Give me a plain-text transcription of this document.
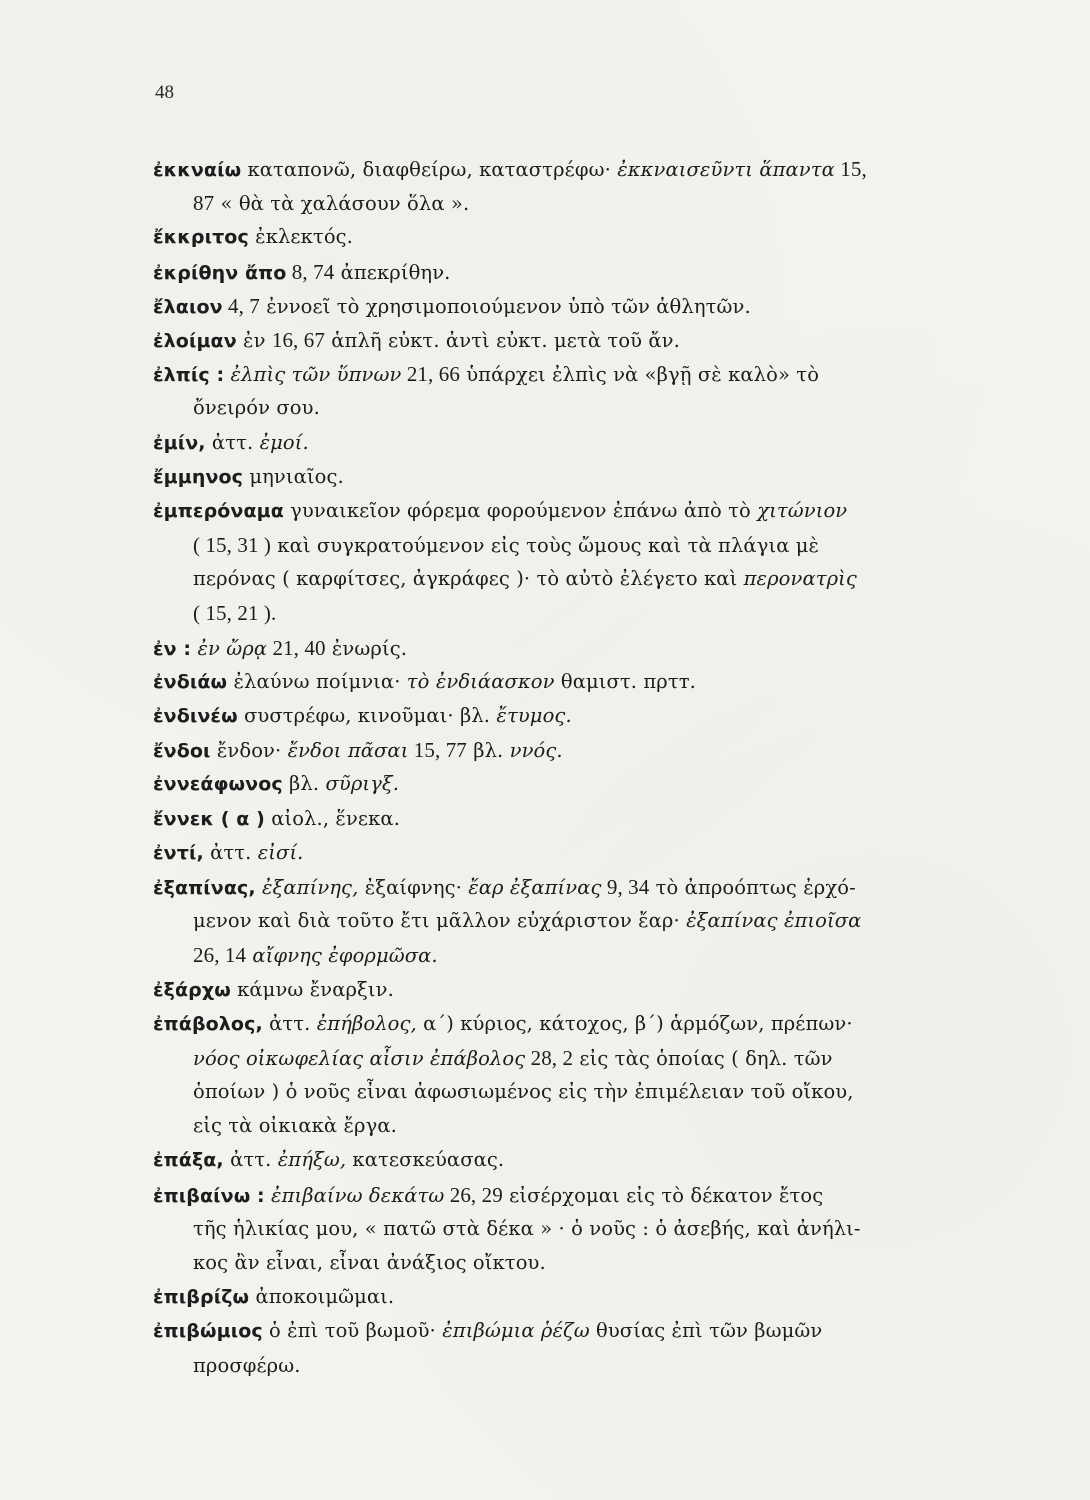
48
ἐκκναίω καταπονῶ, διαφθείρω, καταστρέφω· ἐκκναισεῦντι ἅπαντα 15,
87 « θὰ τὰ χαλάσουν ὅλα ».
ἔκκριτος ἐκλεκτός.
ἐκρίθην ἄπο 8, 74 ἀπεκρίθην.
ἔλαιον 4, 7 ἐννοεῖ τὸ χρησιμοποιούμενον ὑπὸ τῶν ἀθλητῶν.
ἐλοίμαν ἐν 16, 67 ἁπλῆ εὐκτ. ἀντὶ εὐκτ. μετὰ τοῦ ἄν.
ἐλπίς : ἐλπὶς τῶν ὕπνων 21, 66 ὑπάρχει ἐλπὶς νὰ «βγῇ σὲ καλὸ» τὸ
ὄνειρόν σου.
ἐμίν, ἀττ. ἐμοί.
ἔμμηνος μηνιαῖος.
ἐμπερόναμα γυναικεῖον φόρεμα φορούμενον ἐπάνω ἀπὸ τὸ χιτώνιον
( 15, 31 ) καὶ συγκρατούμενον εἰς τοὺς ὤμους καὶ τὰ πλάγια μὲ
περόνας ( καρφίτσες, ἀγκράφες )· τὸ αὐτὸ ἐλέγετο καὶ περονατρὶς
( 15, 21 ).
ἐν : ἐν ὤρᾳ 21, 40 ἐνωρίς.
ἐνδιάω ἐλαύνω ποίμνια· τὸ ἐνδιάασκον θαμιστ. πρτт.
ἐνδινέω συστρέφω, κινοῦμαι· βλ. ἔτυμος.
ἔνδοι ἔνδον· ἔνδοι πᾶσαι 15, 77 βλ. ννός.
ἐννεάφωνος βλ. σῦριγξ.
ἔννεκ ( α ) αἰολ., ἕνεκα.
ἐντί, ἀττ. εἰσί.
ἐξαπίνας, ἐξαπίνης, ἐξαίφνης· ἔαρ ἐξαπίνας 9, 34 τὸ ἀπροόπτως ἐρχό-
μενον καὶ διὰ τοῦτο ἔτι μᾶλλον εὐχάριστον ἔαρ· ἐξαπίνας ἐπιοῖσα
26, 14 αἴφνης ἐφορμῶσα.
ἐξάρχω κάμνω ἔναρξιν.
ἐπάβολος, ἀττ. ἐπήβολος, α΄) κύριος, κάτοχος, β΄) ἁρμόζων, πρέπων·
νόος οἰκωφελίας αἶσιν ἐπάβολος 28, 2 εἰς τὰς ὁποίας ( δηλ. τῶν
ὁποίων ) ὁ νοῦς εἶναι ἀφωσιωμένος εἰς τὴν ἐπιμέλειαν τοῦ οἴκου,
εἰς τὰ οἰκιακὰ ἔργα.
ἐπάξα, ἀττ. ἐπήξω, κατεσκεύασας.
ἐπιβαίνω : ἐπιβαίνω δεκάτω 26, 29 εἰσέρχομαι εἰς τὸ δέκατον ἔτος
τῆς ἡλικίας μου, « πατῶ στὰ δέκα » · ὁ νοῦς : ὁ ἀσεβής, καὶ ἀνήλι-
κος ἂν εἶναι, εἶναι ἀνάξιος οἴκτου.
ἐπιβρίζω ἀποκοιμῶμαι.
ἐπιβώμιος ὁ ἐπὶ τοῦ βωμοῦ· ἐπιβώμια ῥέζω θυσίας ἐπὶ τῶν βωμῶν
προσφέρω.
